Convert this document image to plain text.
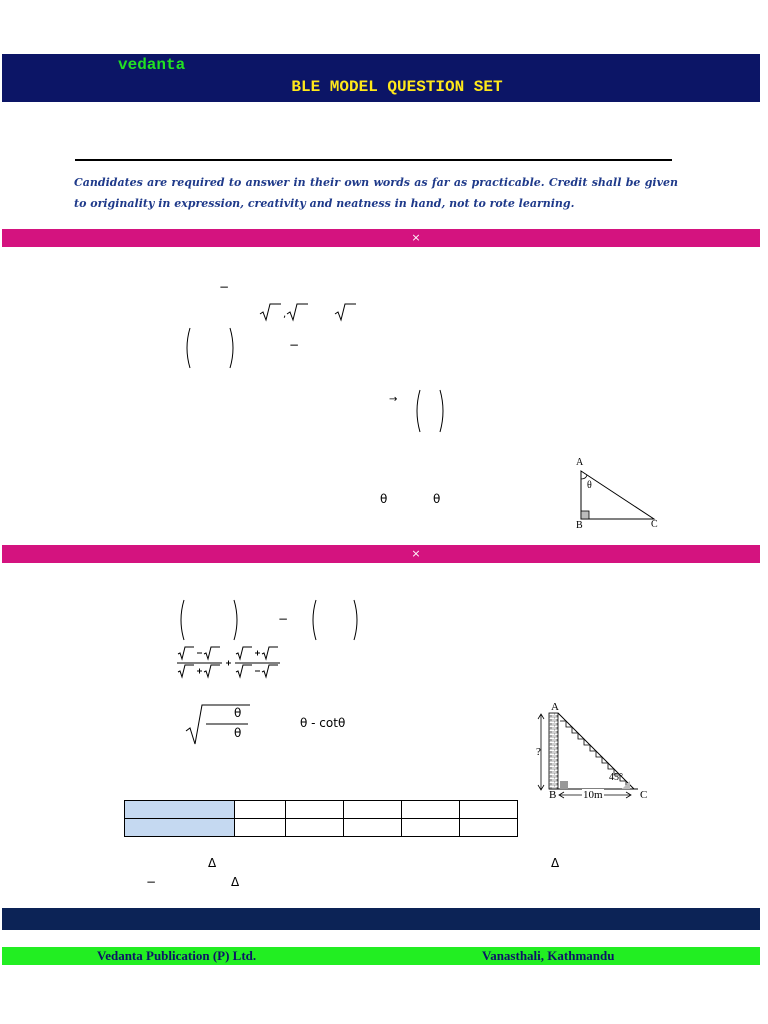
vedanta
BLE MODEL QUESTION SET
Candidates are required to answer in their own words as far as practicable. Credit shall be given to originality in expression, creativity and neatness in hand, not to rote learning.
×
−
,
−
→
θ	θ
A
B	C
θ
×
−
θ
θ
θ - cotθ
A
B	C
?
45°
10m

Δ	Δ
−	Δ
Vedanta Publication (P) Ltd.	Vanasthali, Kathmandu
